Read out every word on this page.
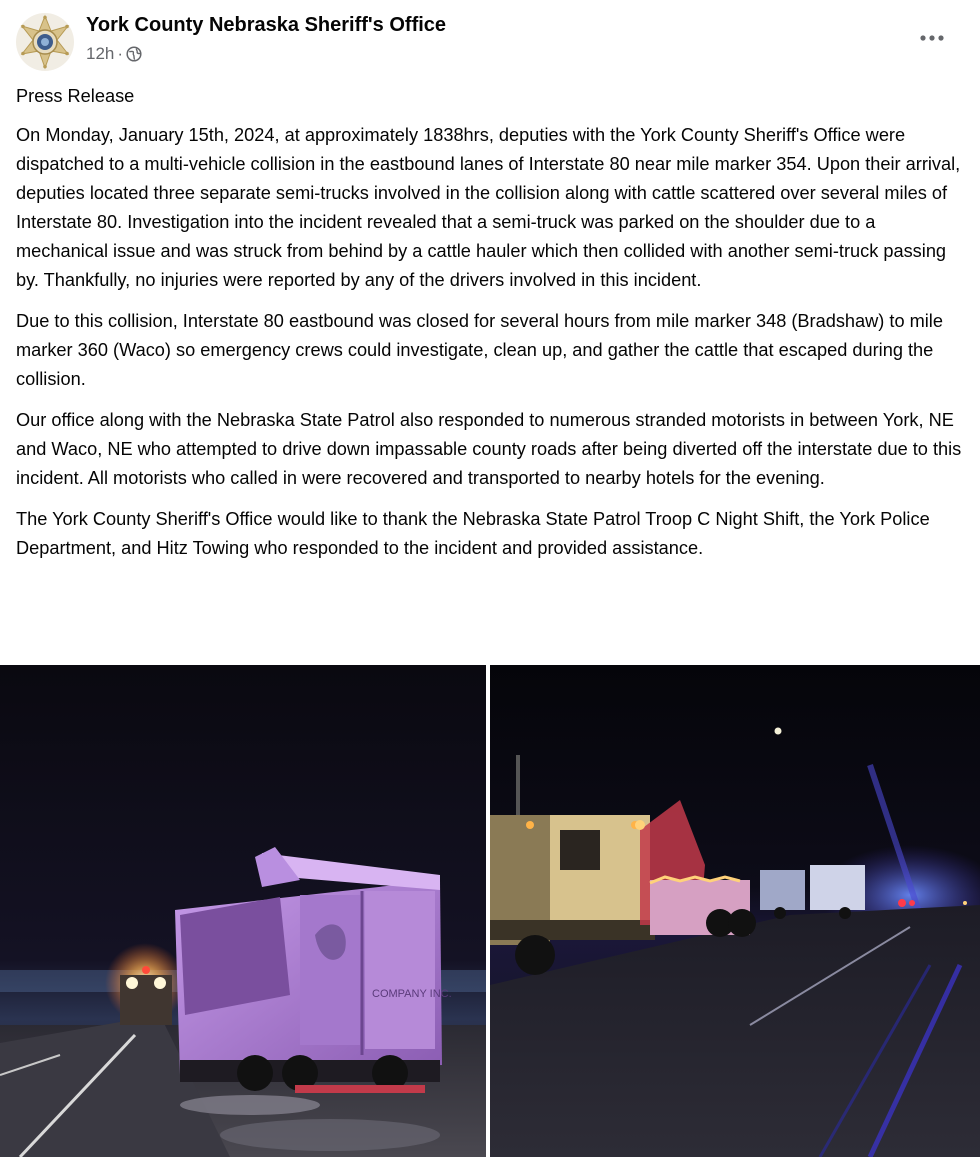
York County Nebraska Sheriff's Office
12h ·

Press Release

On Monday, January 15th, 2024, at approximately 1838hrs, deputies with the York County Sheriff's Office were dispatched to a multi-vehicle collision in the eastbound lanes of Interstate 80 near mile marker 354. Upon their arrival, deputies located three separate semi-trucks involved in the collision along with cattle scattered over several miles of Interstate 80. Investigation into the incident revealed that a semi-truck was parked on the shoulder due to a mechanical issue and was struck from behind by a cattle hauler which then collided with another semi-truck passing by. Thankfully, no injuries were reported by any of the drivers involved in this incident.

Due to this collision, Interstate 80 eastbound was closed for several hours from mile marker 348 (Bradshaw) to mile marker 360 (Waco) so emergency crews could investigate, clean up, and gather the cattle that escaped during the collision.

Our office along with the Nebraska State Patrol also responded to numerous stranded motorists in between York, NE and Waco, NE who attempted to drive down impassable county roads after being diverted off the interstate due to this incident. All motorists who called in were recovered and transported to nearby hotels for the evening.

The York County Sheriff's Office would like to thank the Nebraska State Patrol Troop C Night Shift, the York Police Department, and Hitz Towing who responded to the incident and provided assistance.

COMPANY INC.
